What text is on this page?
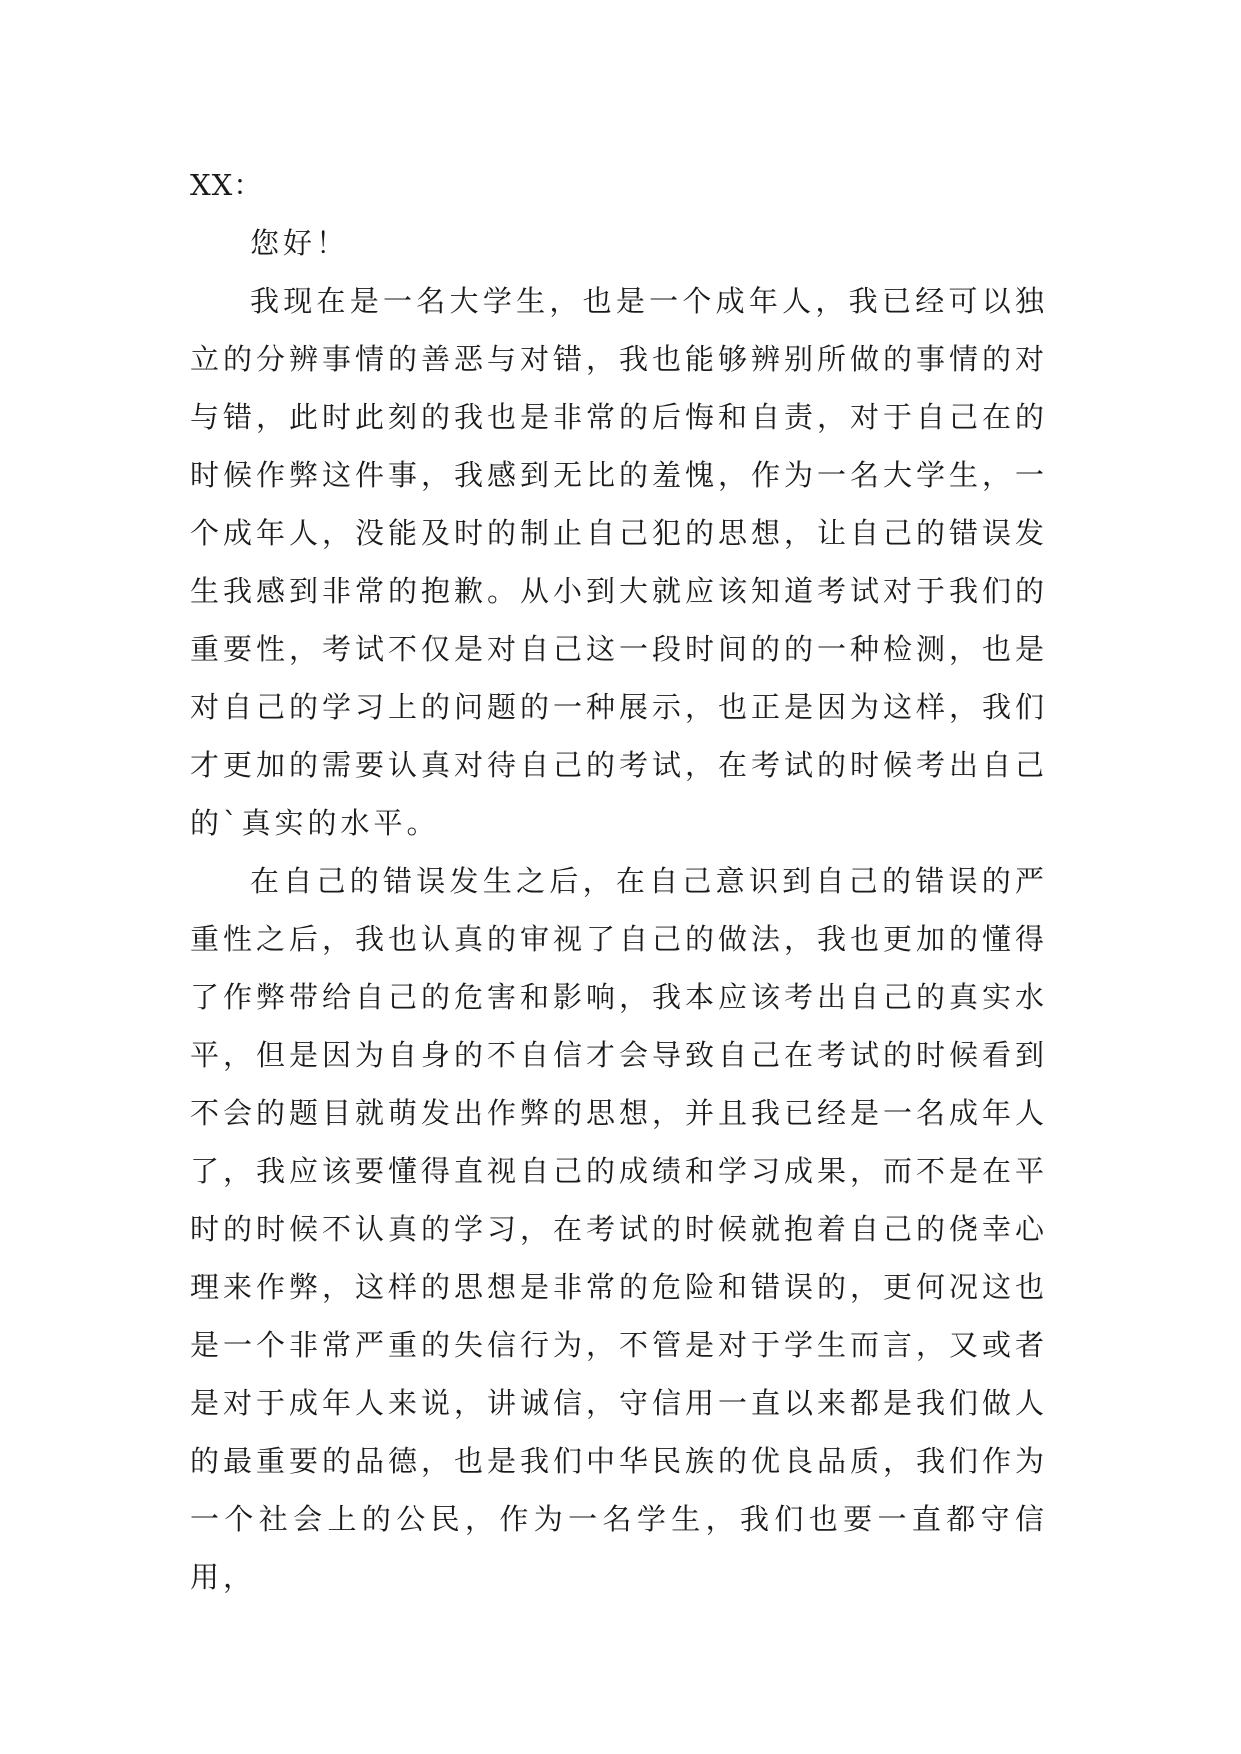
XX：

您好！

我现在是一名大学生，也是一个成年人，我已经可以独立的分辨事情的善恶与对错，我也能够辨别所做的事情的对与错，此时此刻的我也是非常的后悔和自责，对于自己在的时候作弊这件事，我感到无比的羞愧，作为一名大学生，一个成年人，没能及时的制止自己犯的思想，让自己的错误发生我感到非常的抱歉。从小到大就应该知道考试对于我们的重要性，考试不仅是对自己这一段时间的的一种检测，也是对自己的学习上的问题的一种展示，也正是因为这样，我们才更加的需要认真对待自己的考试，在考试的时候考出自己的`真实的水平。

在自己的错误发生之后，在自己意识到自己的错误的严重性之后，我也认真的审视了自己的做法，我也更加的懂得了作弊带给自己的危害和影响，我本应该考出自己的真实水平，但是因为自身的不自信才会导致自己在考试的时候看到不会的题目就萌发出作弊的思想，并且我已经是一名成年人了，我应该要懂得直视自己的成绩和学习成果，而不是在平时的时候不认真的学习，在考试的时候就抱着自己的侥幸心理来作弊，这样的思想是非常的危险和错误的，更何况这也是一个非常严重的失信行为，不管是对于学生而言，又或者是对于成年人来说，讲诚信，守信用一直以来都是我们做人的最重要的品德，也是我们中华民族的优良品质，我们作为一个社会上的公民，作为一名学生，我们也要一直都守信用，
